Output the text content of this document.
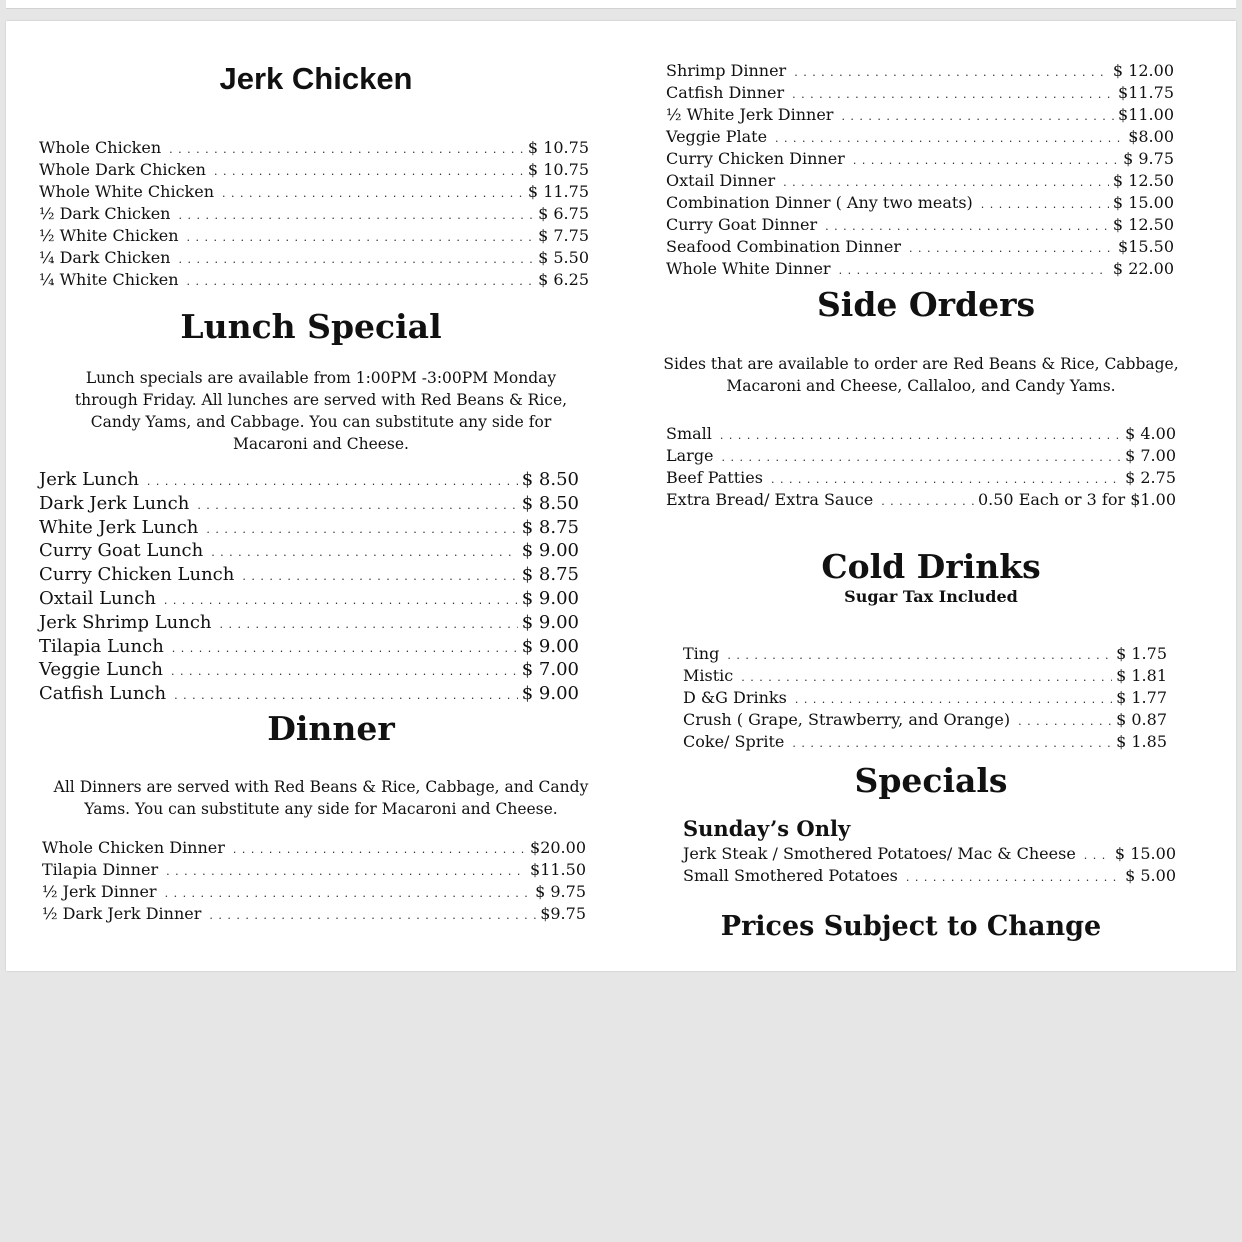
Jerk Chicken
Whole Chicken . . .	$ 10.75
Whole Dark Chicken . . .	$ 10.75
Whole White Chicken . . .	$ 11.75
½ Dark Chicken . . .	$ 6.75
½ White Chicken . . .	$ 7.75
¼ Dark Chicken . . .	$ 5.50
¼ White Chicken . . .	$ 6.25
Lunch Special

Lunch specials are available from 1:00PM -3:00PM Monday through Friday. All lunches are served with Red Beans & Rice, Candy Yams, and Cabbage. You can substitute any side for Macaroni and Cheese.

Jerk Lunch . . .	$ 8.50
Dark Jerk Lunch . . .	$ 8.50
White Jerk Lunch . . .	$ 8.75
Curry Goat Lunch . . .	$ 9.00
Curry Chicken Lunch . . .	$ 8.75
Oxtail Lunch . . .	$ 9.00
Jerk Shrimp Lunch . . .	$ 9.00
Tilapia Lunch . . .	$ 9.00
Veggie Lunch . . .	$ 7.00
Catfish Lunch . . .	$ 9.00
Dinner

All Dinners are served with Red Beans & Rice, Cabbage, and Candy Yams. You can substitute any side for Macaroni and Cheese.

Whole Chicken Dinner . . .	$20.00
Tilapia Dinner . . .	$11.50
½ Jerk Dinner . . .	$ 9.75
½ Dark Jerk Dinner . . .	$9.75
Shrimp Dinner . . .	$ 12.00
Catfish Dinner . . .	$11.75
½ White Jerk Dinner . . .	$11.00
Veggie Plate . . .	$8.00
Curry Chicken Dinner . . .	$ 9.75
Oxtail Dinner . . .	$ 12.50
Combination Dinner ( Any two meats) . . .	$ 15.00
Curry Goat Dinner . . .	$ 12.50
Seafood Combination Dinner . . .	$15.50
Whole White Dinner . . .	$ 22.00
Side Orders

Sides that are available to order are Red Beans & Rice, Cabbage, Macaroni and Cheese, Callaloo, and Candy Yams.

Small . . .	$ 4.00
Large . . .	$ 7.00
Beef Patties . . .	$ 2.75
Extra Bread/ Extra Sauce . . .	0.50 Each or 3 for $1.00
Cold Drinks
Sugar Tax Included
Ting . . .	$ 1.75
Mistic . . .	$ 1.81
D &G Drinks . . .	$ 1.77
Crush ( Grape, Strawberry, and Orange) . . .	$ 0.87
Coke/ Sprite . . .	$ 1.85
Specials
Sunday’s Only
Jerk Steak / Smothered Potatoes/ Mac & Cheese . . . $ 15.00
Small Smothered Potatoes . . .	$ 5.00
Prices Subject to Change
